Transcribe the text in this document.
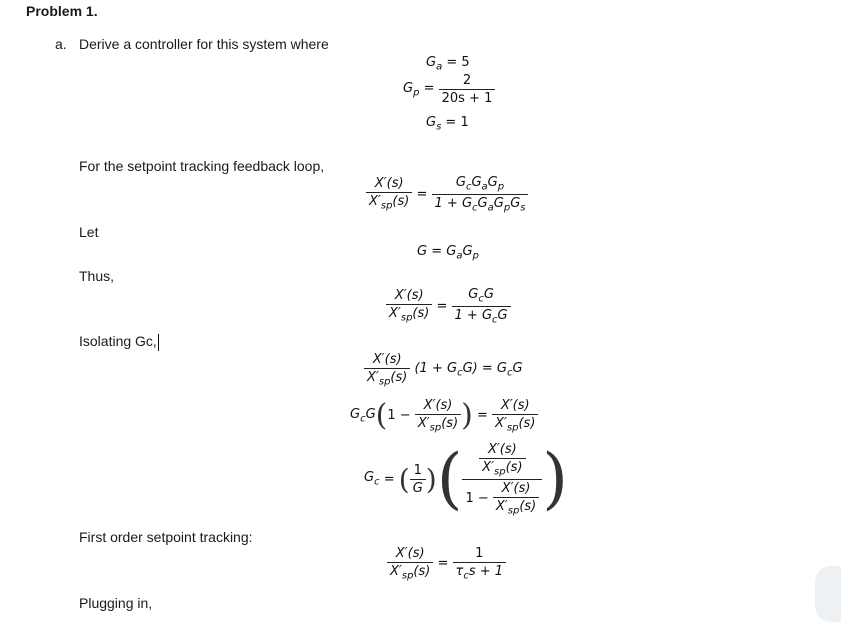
Problem 1.
a. Derive a controller for this system where
$G_a = 5$
$G_p = \frac{2}{20s + 1}$
$G_s = 1$
For the setpoint tracking feedback loop,
$\frac{X'(s)}{X'_{sp}(s)} = \frac{G_cG_aG_p}{1 + G_cG_aG_pG_s}$
Let
$G = G_aG_p$
Thus,
$\frac{X'(s)}{X'_{sp}(s)} = \frac{G_cG}{1 + G_cG}$
Isolating Gc,
$\frac{X'(s)}{X'_{sp}(s)} (1 + G_cG) = G_cG$
$G_cG$ ( $1 - \frac{X'(s)}{X'_{sp}(s)}$ ) = $\frac{X'(s)}{X'_{sp}(s)}$
$G_c$ = ( $\frac{1}{G}$ ) ( $\frac{\frac{X'(s)}{X'_{sp}(s)}}{1 - \frac{X'(s)}{X'_{sp}(s)}}$ )
First order setpoint tracking:
$\frac{X'(s)}{X'_{sp}(s)} = \frac{1}{\tau_cs + 1}$
Plugging in,
